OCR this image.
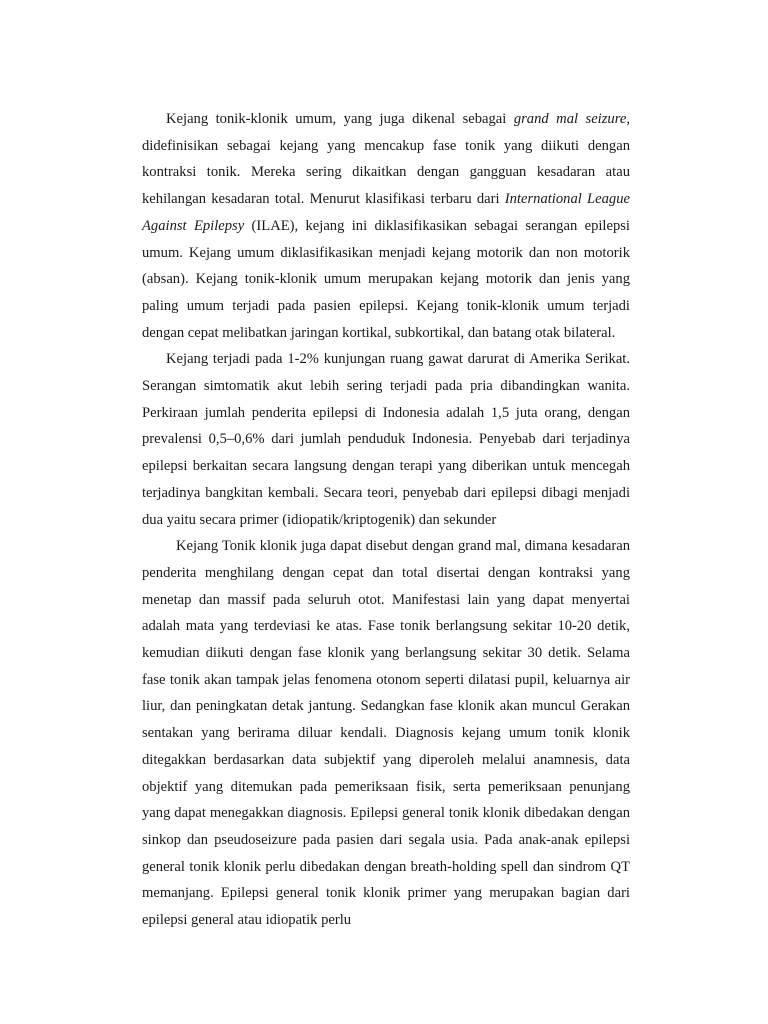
Kejang tonik-klonik umum, yang juga dikenal sebagai grand mal seizure, didefinisikan sebagai kejang yang mencakup fase tonik yang diikuti dengan kontraksi tonik. Mereka sering dikaitkan dengan gangguan kesadaran atau kehilangan kesadaran total. Menurut klasifikasi terbaru dari International League Against Epilepsy (ILAE), kejang ini diklasifikasikan sebagai serangan epilepsi umum. Kejang umum diklasifikasikan menjadi kejang motorik dan non motorik (absan). Kejang tonik-klonik umum merupakan kejang motorik dan jenis yang paling umum terjadi pada pasien epilepsi. Kejang tonik-klonik umum terjadi dengan cepat melibatkan jaringan kortikal, subkortikal, dan batang otak bilateral.

Kejang terjadi pada 1-2% kunjungan ruang gawat darurat di Amerika Serikat. Serangan simtomatik akut lebih sering terjadi pada pria dibandingkan wanita. Perkiraan jumlah penderita epilepsi di Indonesia adalah 1,5 juta orang, dengan prevalensi 0,5–0,6% dari jumlah penduduk Indonesia. Penyebab dari terjadinya epilepsi berkaitan secara langsung dengan terapi yang diberikan untuk mencegah terjadinya bangkitan kembali. Secara teori, penyebab dari epilepsi dibagi menjadi dua yaitu secara primer (idiopatik/kriptogenik) dan sekunder

Kejang Tonik klonik juga dapat disebut dengan grand mal, dimana kesadaran penderita menghilang dengan cepat dan total disertai dengan kontraksi yang menetap dan massif pada seluruh otot. Manifestasi lain yang dapat menyertai adalah mata yang terdeviasi ke atas. Fase tonik berlangsung sekitar 10-20 detik, kemudian diikuti dengan fase klonik yang berlangsung sekitar 30 detik. Selama fase tonik akan tampak jelas fenomena otonom seperti dilatasi pupil, keluarnya air liur, dan peningkatan detak jantung. Sedangkan fase klonik akan muncul Gerakan sentakan yang berirama diluar kendali. Diagnosis kejang umum tonik klonik ditegakkan berdasarkan data subjektif yang diperoleh melalui anamnesis, data objektif yang ditemukan pada pemeriksaan fisik, serta pemeriksaan penunjang yang dapat menegakkan diagnosis. Epilepsi general tonik klonik dibedakan dengan sinkop dan pseudoseizure pada pasien dari segala usia. Pada anak-anak epilepsi general tonik klonik perlu dibedakan dengan breath-holding spell dan sindrom QT memanjang. Epilepsi general tonik klonik primer yang merupakan bagian dari epilepsi general atau idiopatik perlu
